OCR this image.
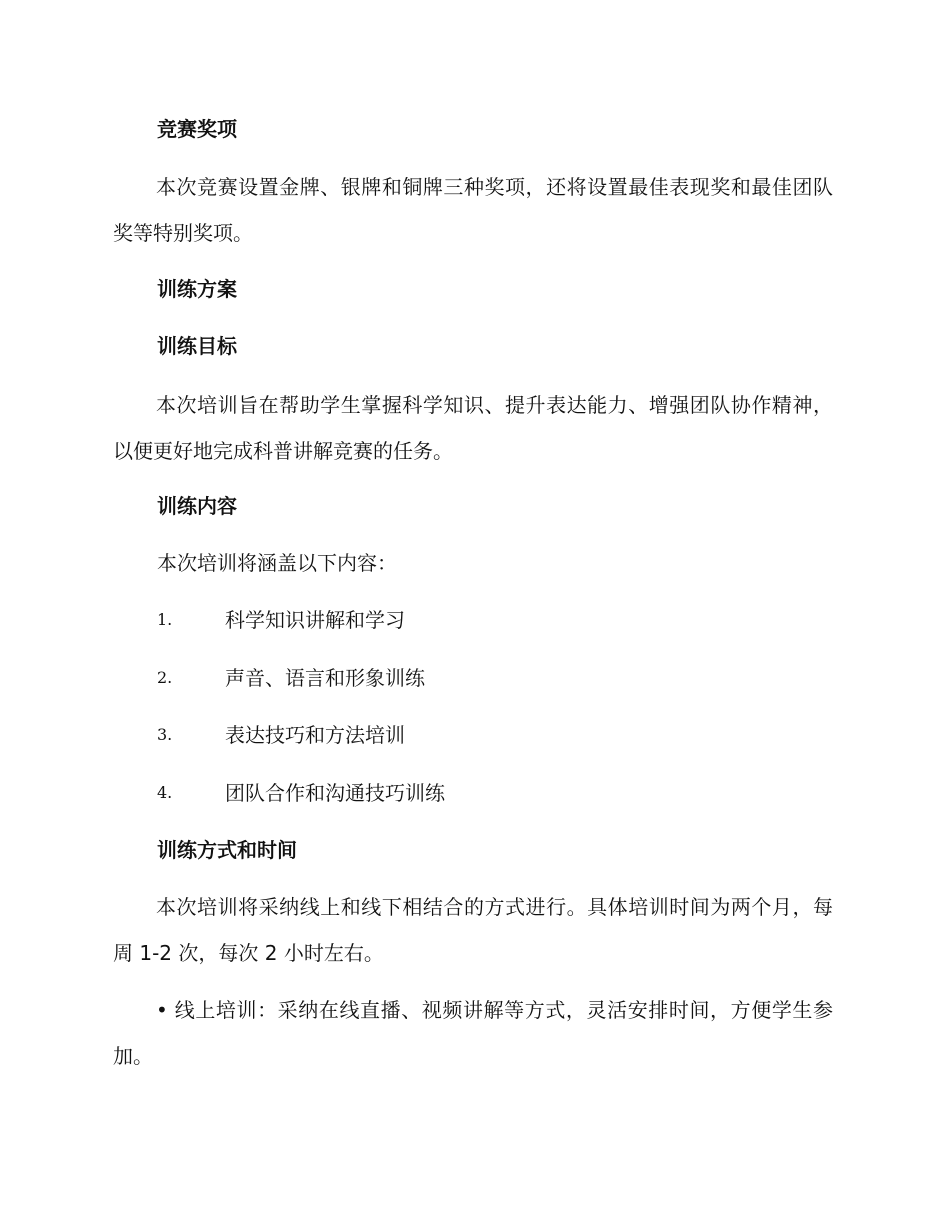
竞赛奖项

本次竞赛设置金牌、银牌和铜牌三种奖项，还将设置最佳表现奖和最佳团队奖等特别奖项。

训练方案
训练目标

本次培训旨在帮助学生掌握科学知识、提升表达能力、增强团队协作精神，以便更好地完成科普讲解竞赛的任务。

训练内容
本次培训将涵盖以下内容：
1.	科学知识讲解和学习
2.	声音、语言和形象训练
3.	表达技巧和方法培训
4.	团队合作和沟通技巧训练
训练方式和时间

本次培训将采纳线上和线下相结合的方式进行。具体培训时间为两个月，每周 1-2 次，每次 2 小时左右。

• 线上培训：采纳在线直播、视频讲解等方式，灵活安排时间，方便学生参加。
